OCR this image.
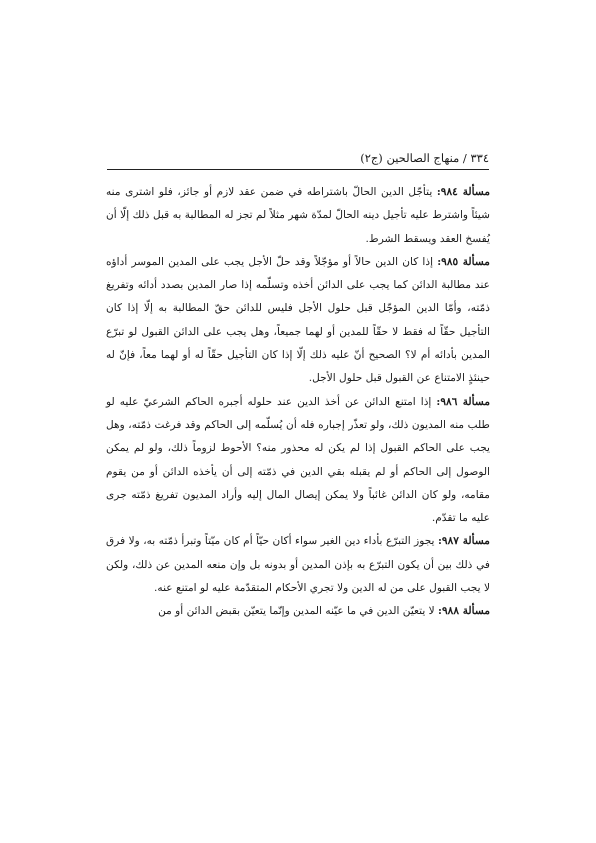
٣٣٤ / منهاج الصالحين (ج٢)

مسألة ٩٨٤: يتأجّل الدين الحالّ باشتراطه في ضمن عقد لازم أو جائز، فلو اشترى منه شيئاً واشترط عليه تأجيل دينه الحالّ لمدّة شهر مثلاً لم تجز له المطالبة به قبل ذلك إلّا أن يُفسخ العقد ويسقط الشرط.

مسألة ٩٨٥: إذا كان الدين حالاً أو مؤجّلاً وقد حلّ الأجل يجب على المدين الموسر أداؤه عند مطالبة الدائن كما يجب على الدائن أخذه وتسلّمه إذا صار المدين بصدد أدائه وتفريغ ذمّته، وأمّا الدين المؤجّل قبل حلول الأجل فليس للدائن حقّ المطالبة به إلّا إذا كان التأجيل حقّاً له فقط لا حقّاً للمدين أو لهما جميعاً، وهل يجب على الدائن القبول لو تبرّع المدين بأدائه أم لا؟ الصحيح أنّ عليه ذلك إلّا إذا كان التأجيل حقّاً له أو لهما معاً، فإنّ له حينئذٍ الامتناع عن القبول قبل حلول الأجل.

مسألة ٩٨٦: إذا امتنع الدائن عن أخذ الدين عند حلوله أجبره الحاكم الشرعيّ عليه لو طلب منه المديون ذلك، ولو تعذّر إجباره فله أن يُسلّمه إلى الحاكم وقد فرغت ذمّته، وهل يجب على الحاكم القبول إذا لم يكن له محذور منه؟ الأحوط لزوماً ذلك، ولو لم يمكن الوصول إلى الحاكم أو لم يقبله بقي الدين في ذمّته إلى أن يأخذه الدائن أو من يقوم مقامه، ولو كان الدائن غائباً ولا يمكن إيصال المال إليه وأراد المديون تفريغ ذمّته جرى عليه ما تقدّم.

مسألة ٩٨٧: يجوز التبرّع بأداء دين الغير سواء أكان حيّاً أم كان ميّتاً وتبرأ ذمّته به، ولا فرق في ذلك بين أن يكون التبرّع به بإذن المدين أو بدونه بل وإن منعه المدين عن ذلك، ولكن لا يجب القبول على من له الدين ولا تجري الأحكام المتقدّمة عليه لو امتنع عنه.

مسألة ٩٨٨: لا يتعيّن الدين في ما عيّنه المدين وإنّما يتعيّن بقبض الدائن أو من
